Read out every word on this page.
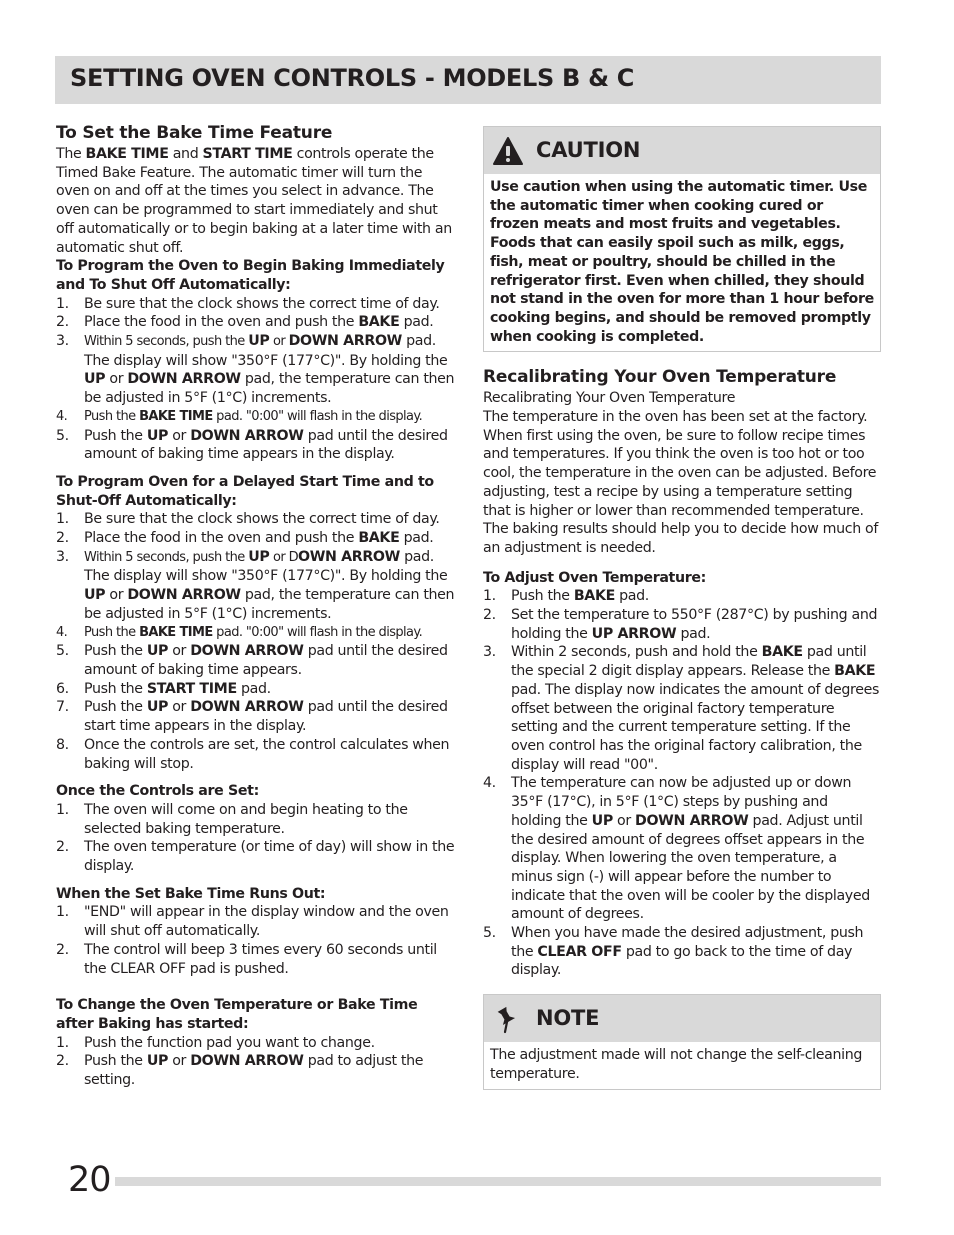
SETTING OVEN CONTROLS - MODELS B & C
To Set the Bake Time Feature

The BAKE TIME and START TIME controls operate the Timed Bake Feature. The automatic timer will turn the oven on and off at the times you select in advance. The oven can be programmed to start immediately and shut off automatically or to begin baking at a later time with an automatic shut off.

To Program the Oven to Begin Baking Immediately and To Shut Off Automatically:

1. Be sure that the clock shows the correct time of day.
2. Place the food in the oven and push the BAKE pad.
3. Within 5 seconds, push the UP or DOWN ARROW pad. The display will show "350°F (177°C)". By holding the UP or DOWN ARROW pad, the temperature can then be adjusted in 5°F (1°C) increments.
4. Push the BAKE TIME pad. "0:00" will flash in the display.
5. Push the UP or DOWN ARROW pad until the desired amount of baking time appears in the display.

To Program Oven for a Delayed Start Time and to Shut-Off Automatically:

1. Be sure that the clock shows the correct time of day.
2. Place the food in the oven and push the BAKE pad.
3. Within 5 seconds, push the UP or DOWN ARROW pad. The display will show "350°F (177°C)". By holding the UP or DOWN ARROW pad, the temperature can then be adjusted in 5°F (1°C) increments.
4. Push the BAKE TIME pad. "0:00" will flash in the display.
5. Push the UP or DOWN ARROW pad until the desired amount of baking time appears.
6. Push the START TIME pad.
7. Push the UP or DOWN ARROW pad until the desired start time appears in the display.
8. Once the controls are set, the control calculates when baking will stop.

Once the Controls are Set:

1. The oven will come on and begin heating to the selected baking temperature.
2. The oven temperature (or time of day) will show in the display.

When the Set Bake Time Runs Out:

1. "END" will appear in the display window and the oven will shut off automatically.
2. The control will beep 3 times every 60 seconds until the CLEAR OFF pad is pushed.

To Change the Oven Temperature or Bake Time after Baking has started:

1. Push the function pad you want to change.
2. Push the UP or DOWN ARROW pad to adjust the setting.
CAUTION
Use caution when using the automatic timer. Use the automatic timer when cooking cured or frozen meats and most fruits and vegetables. Foods that can easily spoil such as milk, eggs, fish, meat or poultry, should be chilled in the refrigerator first. Even when chilled, they should not stand in the oven for more than 1 hour before cooking begins, and should be removed promptly when cooking is completed.
Recalibrating Your Oven Temperature

Recalibrating Your Oven Temperature

The temperature in the oven has been set at the factory. When first using the oven, be sure to follow recipe times and temperatures. If you think the oven is too hot or too cool, the temperature in the oven can be adjusted. Before adjusting, test a recipe by using a temperature setting that is higher or lower than recommended temperature. The baking results should help you to decide how much of an adjustment is needed.

To Adjust Oven Temperature:

1. Push the BAKE pad.
2. Set the temperature to 550°F (287°C) by pushing and holding the UP ARROW pad.
3. Within 2 seconds, push and hold the BAKE pad until the special 2 digit display appears. Release the BAKE pad. The display now indicates the amount of degrees offset between the original factory temperature setting and the current temperature setting. If the oven control has the original factory calibration, the display will read "00".
4. The temperature can now be adjusted up or down 35°F (17°C), in 5°F (1°C) steps by pushing and holding the UP or DOWN ARROW pad. Adjust until the desired amount of degrees offset appears in the display. When lowering the oven temperature, a minus sign (-) will appear before the number to indicate that the oven will be cooler by the displayed amount of degrees.
5. When you have made the desired adjustment, push the CLEAR OFF pad to go back to the time of day display.
NOTE
The adjustment made will not change the self-cleaning temperature.
20
